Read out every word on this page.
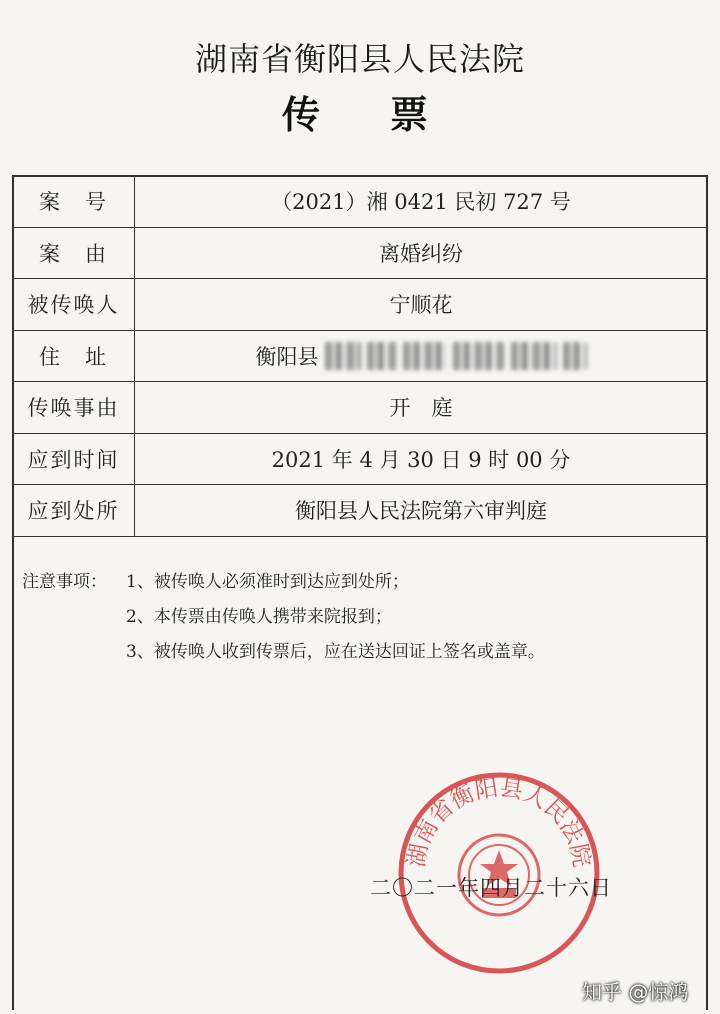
湖南省衡阳县人民法院
传票
案　号	（2021）湘 0421 民初 727 号
案　由	离婚纠纷
被传唤人	宁顺花
住　址	衡阳县

传唤事由	开　庭
应到时间	2021 年 4 月 30 日 9 时 00 分
应到处所	衡阳县人民法院第六审判庭
注意事项： 1、被传唤人必须准时到达应到处所；
2、本传票由传唤人携带来院报到；
3、被传唤人收到传票后，应在送达回证上签名或盖章。
湖南省衡阳县人民法院
二〇二一年四月二十六日
知乎 @惊鸿
